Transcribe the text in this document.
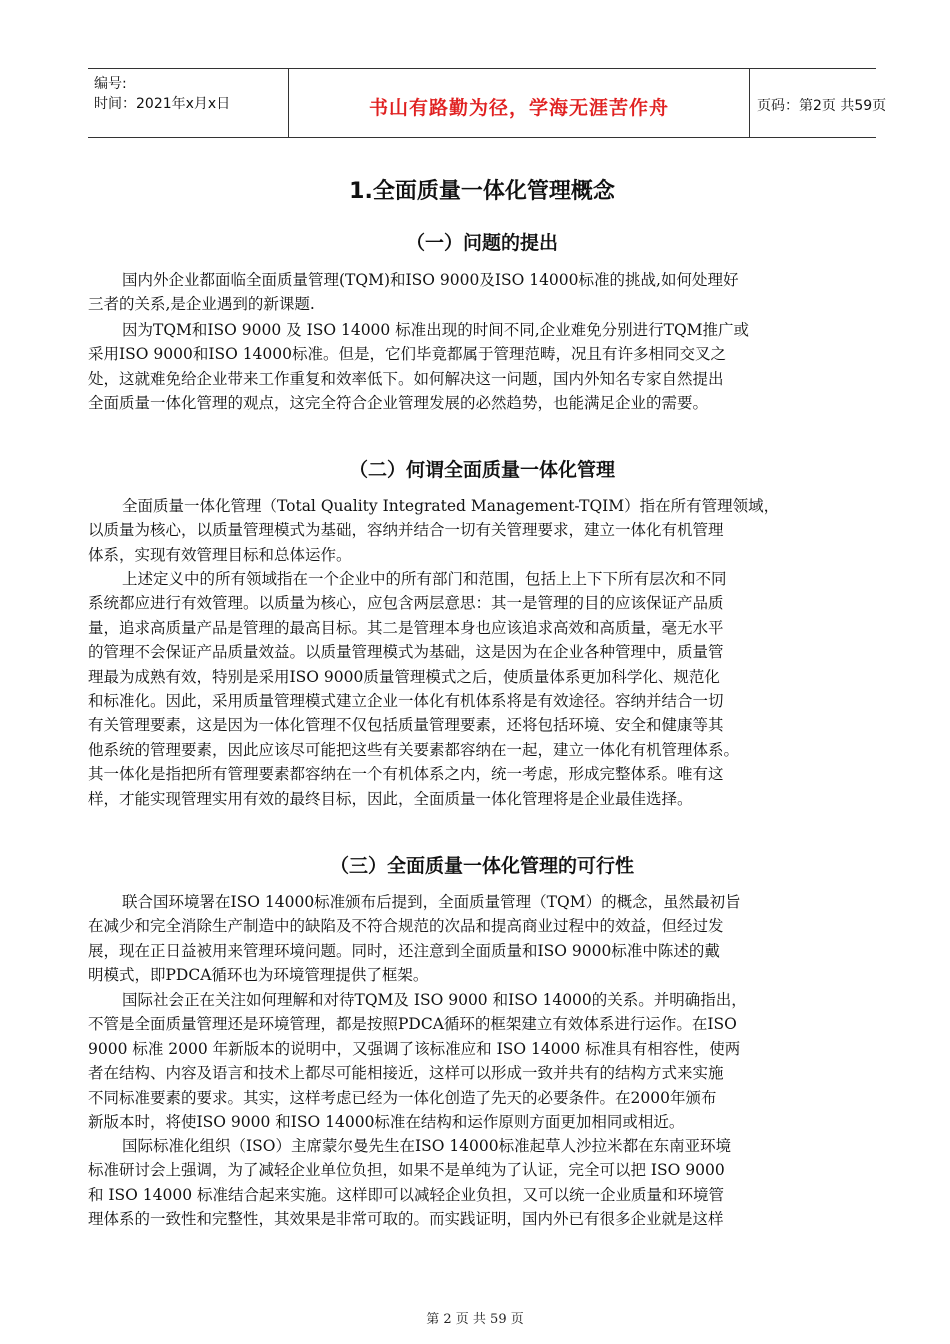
编号:
时间：2021年x月x日	书山有路勤为径，学海无涯苦作舟	页码：第2页 共59页
1.全面质量一体化管理概念
（一）问题的提出
国内外企业都面临全面质量管理(TQM)和ISO 9000及ISO 14000标准的挑战,如何处理好
三者的关系,是企业遇到的新课题.
因为TQM和ISO 9000 及 ISO 14000 标准出现的时间不同,企业难免分别进行TQM推广或
采用ISO 9000和ISO 14000标准。但是，它们毕竟都属于管理范畴，况且有许多相同交叉之
处，这就难免给企业带来工作重复和效率低下。如何解决这一问题，国内外知名专家自然提出
全面质量一体化管理的观点，这完全符合企业管理发展的必然趋势，也能满足企业的需要。
（二）何谓全面质量一体化管理
全面质量一体化管理（Total Quality Integrated Management-TQIM）指在所有管理领域，
以质量为核心，以质量管理模式为基础，容纳并结合一切有关管理要求，建立一体化有机管理
体系，实现有效管理目标和总体运作。
上述定义中的所有领域指在一个企业中的所有部门和范围，包括上上下下所有层次和不同
系统都应进行有效管理。以质量为核心，应包含两层意思：其一是管理的目的应该保证产品质
量，追求高质量产品是管理的最高目标。其二是管理本身也应该追求高效和高质量，毫无水平
的管理不会保证产品质量效益。以质量管理模式为基础，这是因为在企业各种管理中，质量管
理最为成熟有效，特别是采用ISO 9000质量管理模式之后，使质量体系更加科学化、规范化
和标准化。因此，采用质量管理模式建立企业一体化有机体系将是有效途径。容纳并结合一切
有关管理要素，这是因为一体化管理不仅包括质量管理要素，还将包括环境、安全和健康等其
他系统的管理要素，因此应该尽可能把这些有关要素都容纳在一起，建立一体化有机管理体系。
其一体化是指把所有管理要素都容纳在一个有机体系之内，统一考虑，形成完整体系。唯有这
样，才能实现管理实用有效的最终目标，因此，全面质量一体化管理将是企业最佳选择。
（三）全面质量一体化管理的可行性
联合国环境署在ISO 14000标准颁布后提到，全面质量管理（TQM）的概念，虽然最初旨
在减少和完全消除生产制造中的缺陷及不符合规范的次品和提高商业过程中的效益，但经过发
展，现在正日益被用来管理环境问题。同时，还注意到全面质量和ISO 9000标准中陈述的戴
明模式，即PDCA循环也为环境管理提供了框架。
国际社会正在关注如何理解和对待TQM及 ISO 9000 和ISO 14000的关系。并明确指出，
不管是全面质量管理还是环境管理，都是按照PDCA循环的框架建立有效体系进行运作。在ISO
9000 标准 2000 年新版本的说明中，又强调了该标准应和 ISO 14000 标准具有相容性，使两
者在结构、内容及语言和技术上都尽可能相接近，这样可以形成一致并共有的结构方式来实施
不同标准要素的要求。其实，这样考虑已经为一体化创造了先天的必要条件。在2000年颁布
新版本时，将使ISO 9000 和ISO 14000标准在结构和运作原则方面更加相同或相近。
国际标准化组织（ISO）主席蒙尔曼先生在ISO 14000标准起草人沙拉米都在东南亚环境
标准研讨会上强调，为了减轻企业单位负担，如果不是单纯为了认证，完全可以把 ISO 9000
和 ISO 14000 标准结合起来实施。这样即可以减轻企业负担，又可以统一企业质量和环境管
理体系的一致性和完整性，其效果是非常可取的。而实践证明，国内外已有很多企业就是这样
第 2 页 共 59 页
